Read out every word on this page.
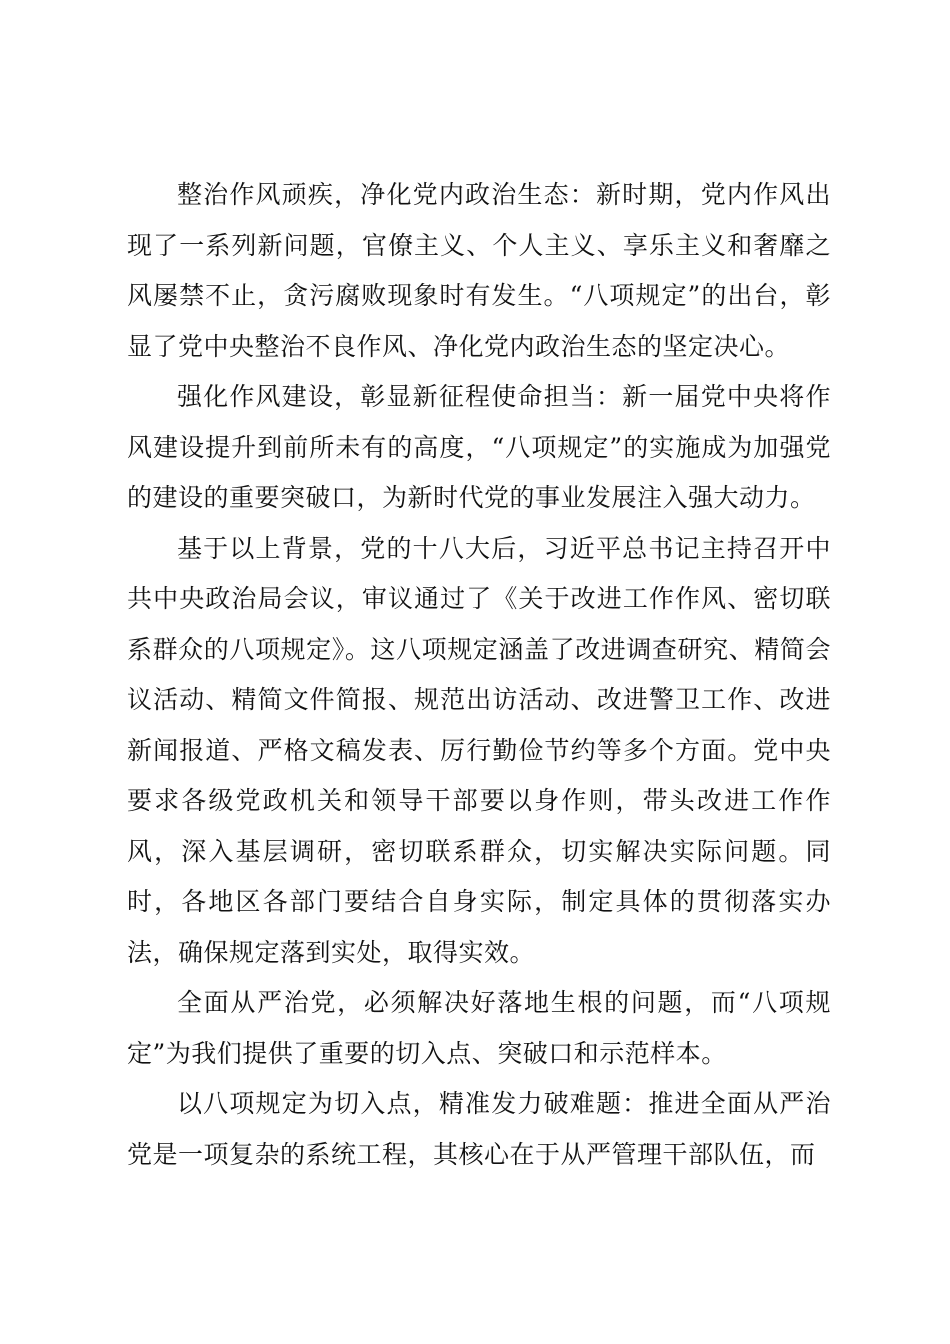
整治作风顽疾，净化党内政治生态：新时期，党内作风出现了一系列新问题，官僚主义、个人主义、享乐主义和奢靡之风屡禁不止，贪污腐败现象时有发生。“八项规定”的出台，彰显了党中央整治不良作风、净化党内政治生态的坚定决心。

强化作风建设，彰显新征程使命担当：新一届党中央将作风建设提升到前所未有的高度，“八项规定”的实施成为加强党的建设的重要突破口，为新时代党的事业发展注入强大动力。

基于以上背景，党的十八大后，习近平总书记主持召开中共中央政治局会议，审议通过了《关于改进工作作风、密切联系群众的八项规定》。这八项规定涵盖了改进调查研究、精简会议活动、精简文件简报、规范出访活动、改进警卫工作、改进新闻报道、严格文稿发表、厉行勤俭节约等多个方面。党中央要求各级党政机关和领导干部要以身作则，带头改进工作作风，深入基层调研，密切联系群众，切实解决实际问题。同时，各地区各部门要结合自身实际，制定具体的贯彻落实办法，确保规定落到实处，取得实效。

全面从严治党，必须解决好落地生根的问题，而“八项规定”为我们提供了重要的切入点、突破口和示范样本。

以八项规定为切入点，精准发力破难题：推进全面从严治党是一项复杂的系统工程，其核心在于从严管理干部队伍，而
